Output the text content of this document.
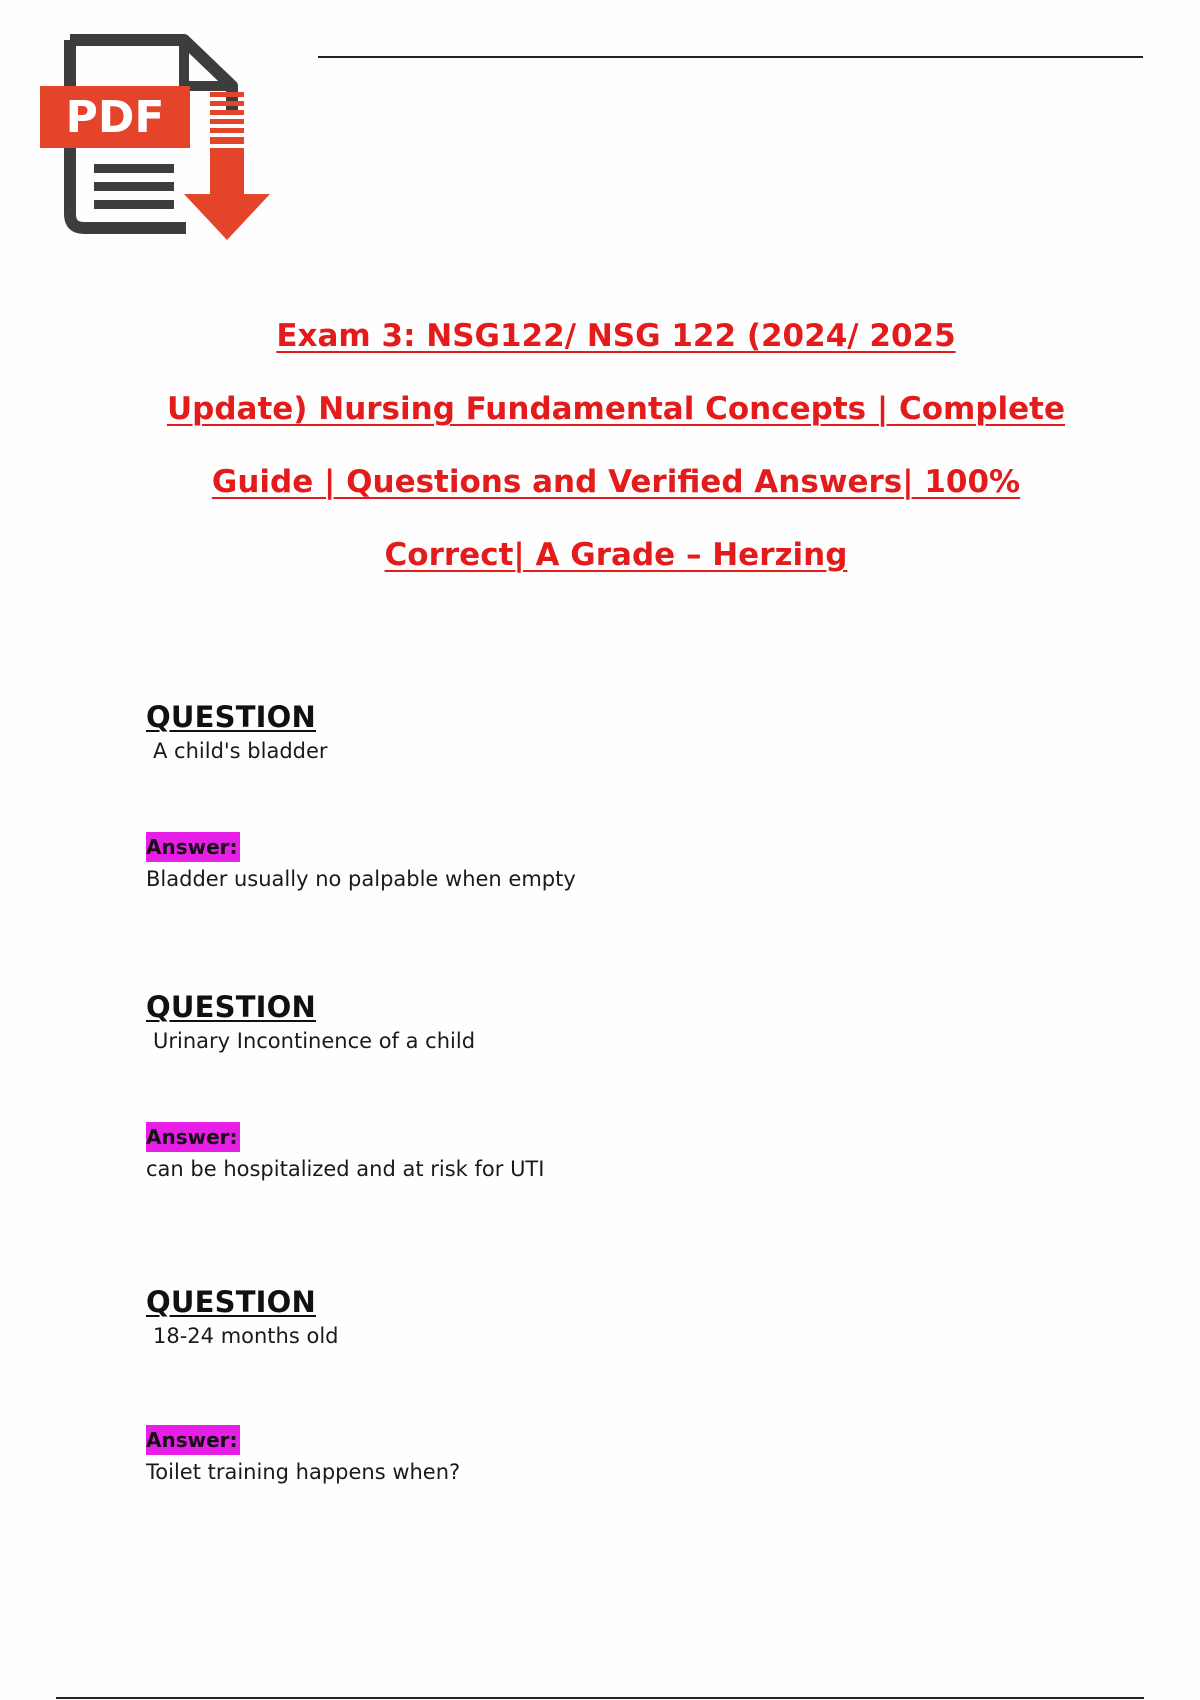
PDF
Exam 3: NSG122/ NSG 122 (2024/ 2025
Update) Nursing Fundamental Concepts | Complete
Guide | Questions and Verified Answers| 100%
Correct| A Grade – Herzing
QUESTION
A child's bladder
Answer:
Bladder usually no palpable when empty
QUESTION
Urinary Incontinence of a child
Answer:
can be hospitalized and at risk for UTI
QUESTION
18-24 months old
Answer:
Toilet training happens when?
